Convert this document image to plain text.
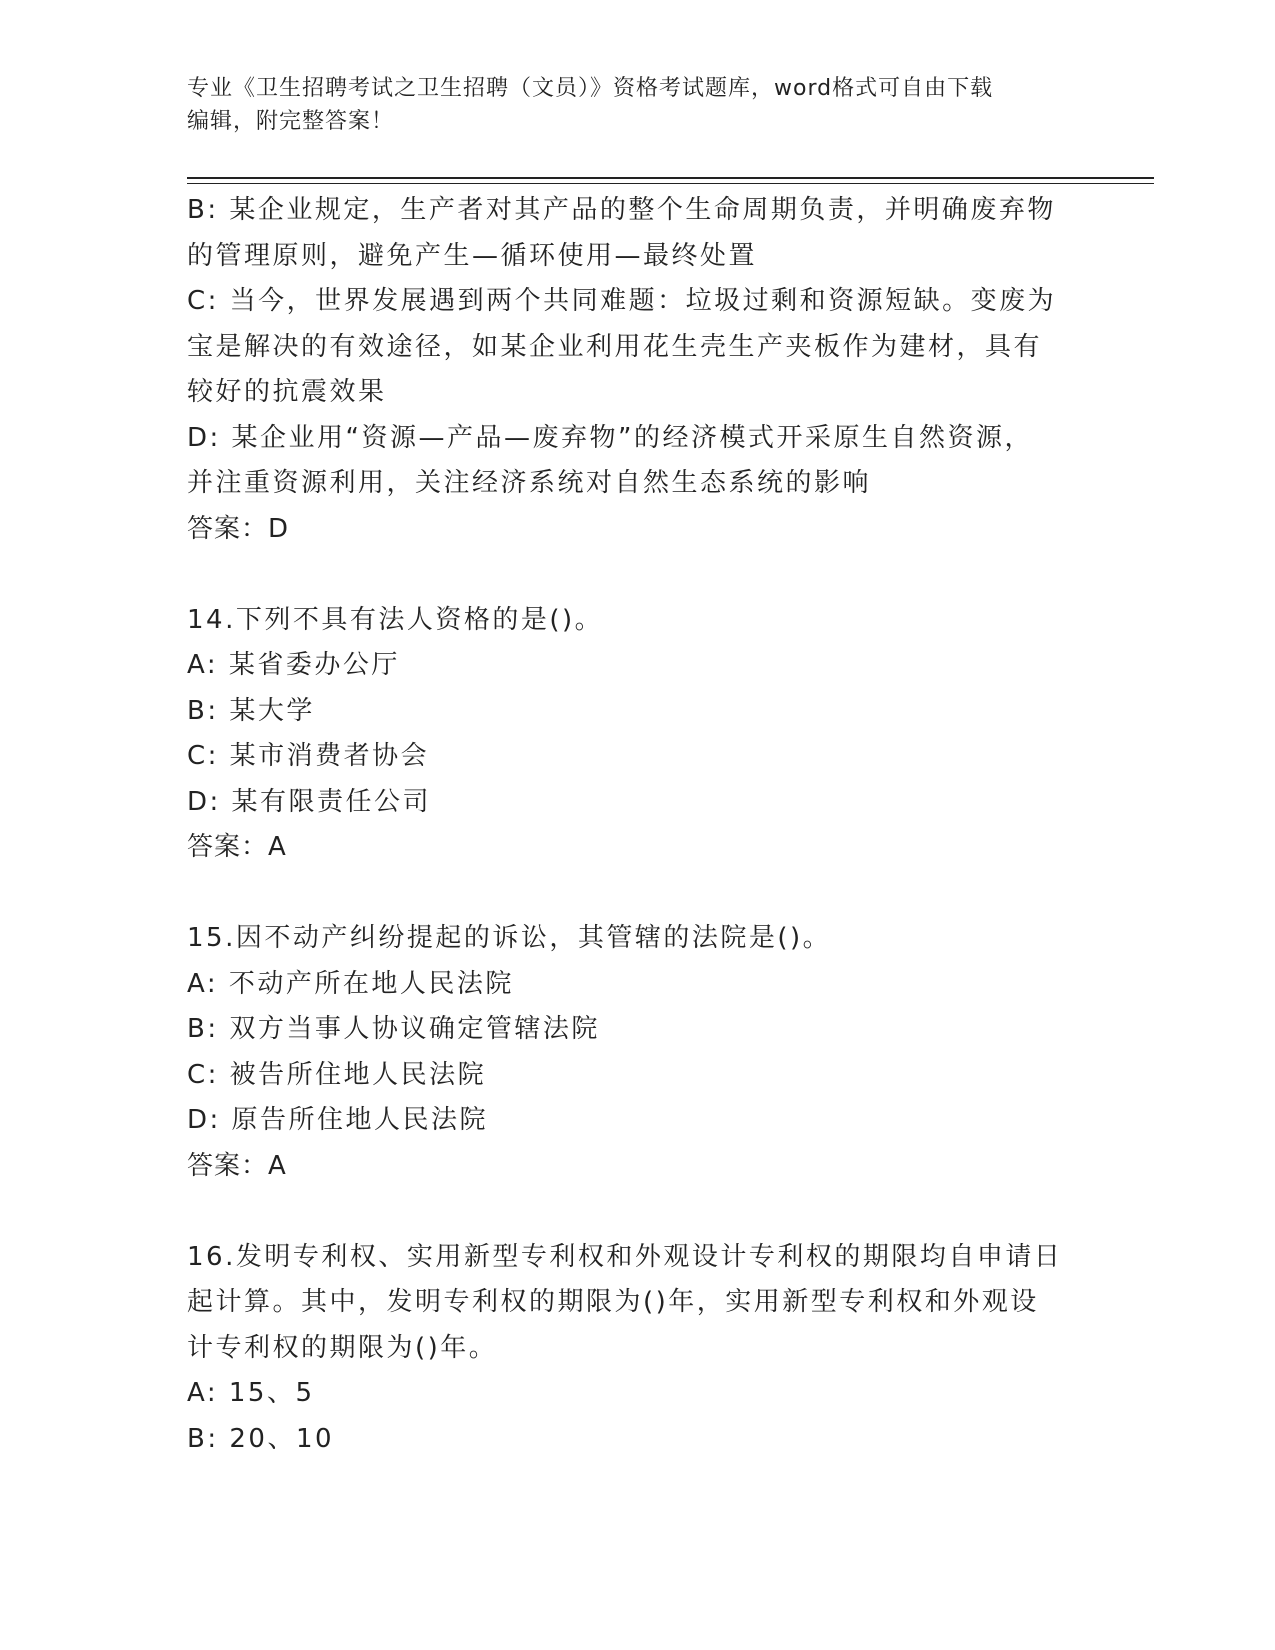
专业《卫生招聘考试之卫生招聘（文员）》资格考试题库，word格式可自由下载
编辑，附完整答案！
B: 某企业规定，生产者对其产品的整个生命周期负责，并明确废弃物
的管理原则，避免产生—循环使用—最终处置
C: 当今，世界发展遇到两个共同难题：垃圾过剩和资源短缺。变废为
宝是解决的有效途径，如某企业利用花生壳生产夹板作为建材，具有
较好的抗震效果
D: 某企业用“资源—产品—废弃物”的经济模式开采原生自然资源，
并注重资源利用，关注经济系统对自然生态系统的影响
答案：D
14.下列不具有法人资格的是()。
A: 某省委办公厅
B: 某大学
C: 某市消费者协会
D: 某有限责任公司
答案：A
15.因不动产纠纷提起的诉讼，其管辖的法院是()。
A: 不动产所在地人民法院
B: 双方当事人协议确定管辖法院
C: 被告所住地人民法院
D: 原告所住地人民法院
答案：A
16.发明专利权、实用新型专利权和外观设计专利权的期限均自申请日
起计算。其中，发明专利权的期限为()年，实用新型专利权和外观设
计专利权的期限为()年。
A: 15、5
B: 20、10
